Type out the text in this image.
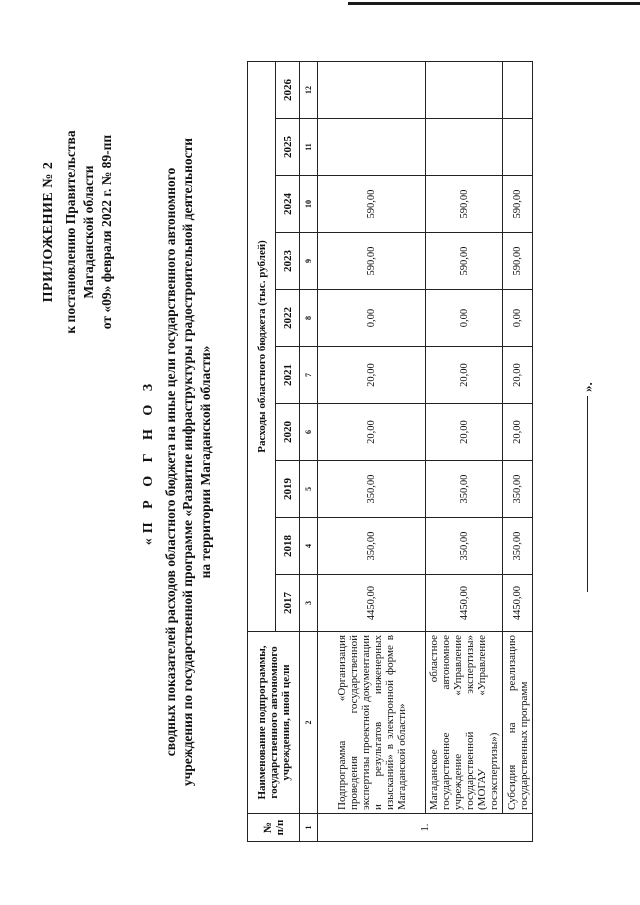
ПРИЛОЖЕНИЕ № 2 к постановлению Правительства Магаданской области от «09» февраля 2022 г. № 89-пп
«П Р О Г Н О З сводных показателей расходов областного бюджета на иные цели государственного автономного учреждения по государственной программе «Развитие инфраструктуры градостроительной деятельности на территории Магаданской области»
№ п/п	Наименование подпрограммы, государственного автономного учреждения, иной цели	Расходы областного бюджета (тыс. рублей)									
		2017	2018	2019	2020	2021	2022	2023	2024	2025	2026
1	2	3	4	5	6	7	8	9	10	11	12
1.	Подпрограмма «Организация проведения государственной экспертизы проектной документации и результатов инженерных изысканий» в электронной форме в Магаданской области»	4450,00	350,00	350,00	20,00	20,00	0,00	590,00	590,00		
	Магаданское областное государственное автономное учреждение «Управление государственной экспертизы» (МОГАУ «Управление госэкспертизы»)	4450,00	350,00	350,00	20,00	20,00	0,00	590,00	590,00		
	Субсидия на реализацию государственных программ	4450,00	350,00	350,00	20,00	20,00	0,00	590,00	590,00		
».
